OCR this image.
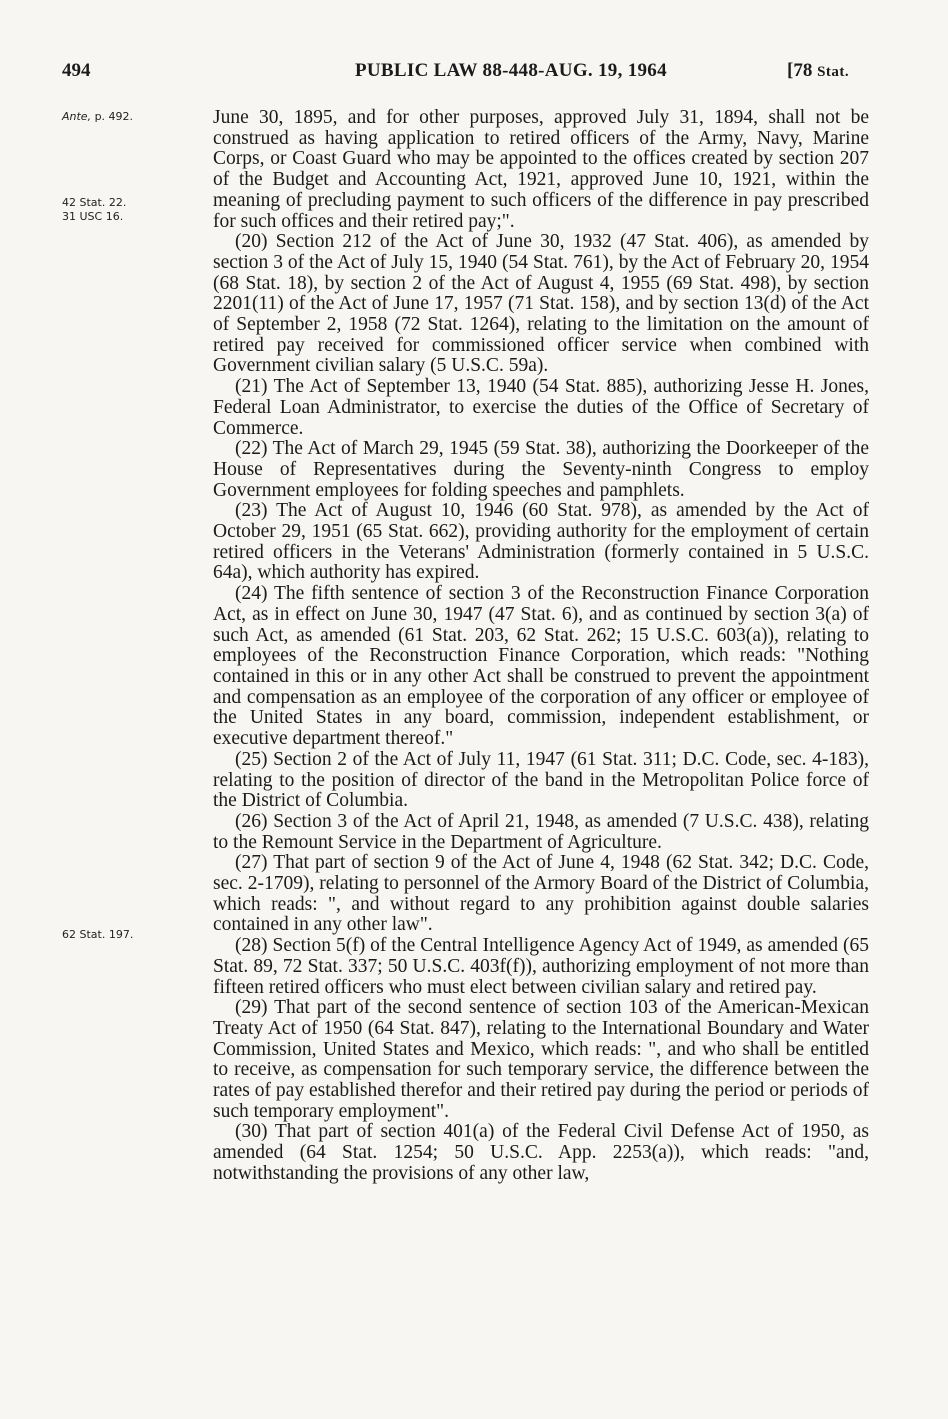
494	PUBLIC LAW 88-448-AUG. 19, 1964	[78 Stat.
Ante, p. 492.
42 Stat. 22.
31 USC 16.
62 Stat. 197.

June 30, 1895, and for other purposes, approved July 31, 1894, shall not be construed as having application to retired officers of the Army, Navy, Marine Corps, or Coast Guard who may be appointed to the offices created by section 207 of the Budget and Accounting Act, 1921, approved June 10, 1921, within the meaning of precluding payment to such officers of the difference in pay prescribed for such offices and their retired pay;".

(20) Section 212 of the Act of June 30, 1932 (47 Stat. 406), as amended by section 3 of the Act of July 15, 1940 (54 Stat. 761), by the Act of February 20, 1954 (68 Stat. 18), by section 2 of the Act of August 4, 1955 (69 Stat. 498), by section 2201(11) of the Act of June 17, 1957 (71 Stat. 158), and by section 13(d) of the Act of September 2, 1958 (72 Stat. 1264), relating to the limitation on the amount of retired pay received for commissioned officer service when combined with Government civilian salary (5 U.S.C. 59a).

(21) The Act of September 13, 1940 (54 Stat. 885), authorizing Jesse H. Jones, Federal Loan Administrator, to exercise the duties of the Office of Secretary of Commerce.

(22) The Act of March 29, 1945 (59 Stat. 38), authorizing the Doorkeeper of the House of Representatives during the Seventy-ninth Congress to employ Government employees for folding speeches and pamphlets.

(23) The Act of August 10, 1946 (60 Stat. 978), as amended by the Act of October 29, 1951 (65 Stat. 662), providing authority for the employment of certain retired officers in the Veterans' Administration (formerly contained in 5 U.S.C. 64a), which authority has expired.

(24) The fifth sentence of section 3 of the Reconstruction Finance Corporation Act, as in effect on June 30, 1947 (47 Stat. 6), and as continued by section 3(a) of such Act, as amended (61 Stat. 203, 62 Stat. 262; 15 U.S.C. 603(a)), relating to employees of the Reconstruction Finance Corporation, which reads: "Nothing contained in this or in any other Act shall be construed to prevent the appointment and compensation as an employee of the corporation of any officer or employee of the United States in any board, commission, independent establishment, or executive department thereof."

(25) Section 2 of the Act of July 11, 1947 (61 Stat. 311; D.C. Code, sec. 4-183), relating to the position of director of the band in the Metropolitan Police force of the District of Columbia.

(26) Section 3 of the Act of April 21, 1948, as amended (7 U.S.C. 438), relating to the Remount Service in the Department of Agriculture.

(27) That part of section 9 of the Act of June 4, 1948 (62 Stat. 342; D.C. Code, sec. 2-1709), relating to personnel of the Armory Board of the District of Columbia, which reads: ", and without regard to any prohibition against double salaries contained in any other law".

(28) Section 5(f) of the Central Intelligence Agency Act of 1949, as amended (65 Stat. 89, 72 Stat. 337; 50 U.S.C. 403f(f)), authorizing employment of not more than fifteen retired officers who must elect between civilian salary and retired pay.

(29) That part of the second sentence of section 103 of the American-Mexican Treaty Act of 1950 (64 Stat. 847), relating to the International Boundary and Water Commission, United States and Mexico, which reads: ", and who shall be entitled to receive, as compensation for such temporary service, the difference between the rates of pay established therefor and their retired pay during the period or periods of such temporary employment".

(30) That part of section 401(a) of the Federal Civil Defense Act of 1950, as amended (64 Stat. 1254; 50 U.S.C. App. 2253(a)), which reads: "and, notwithstanding the provisions of any other law,
